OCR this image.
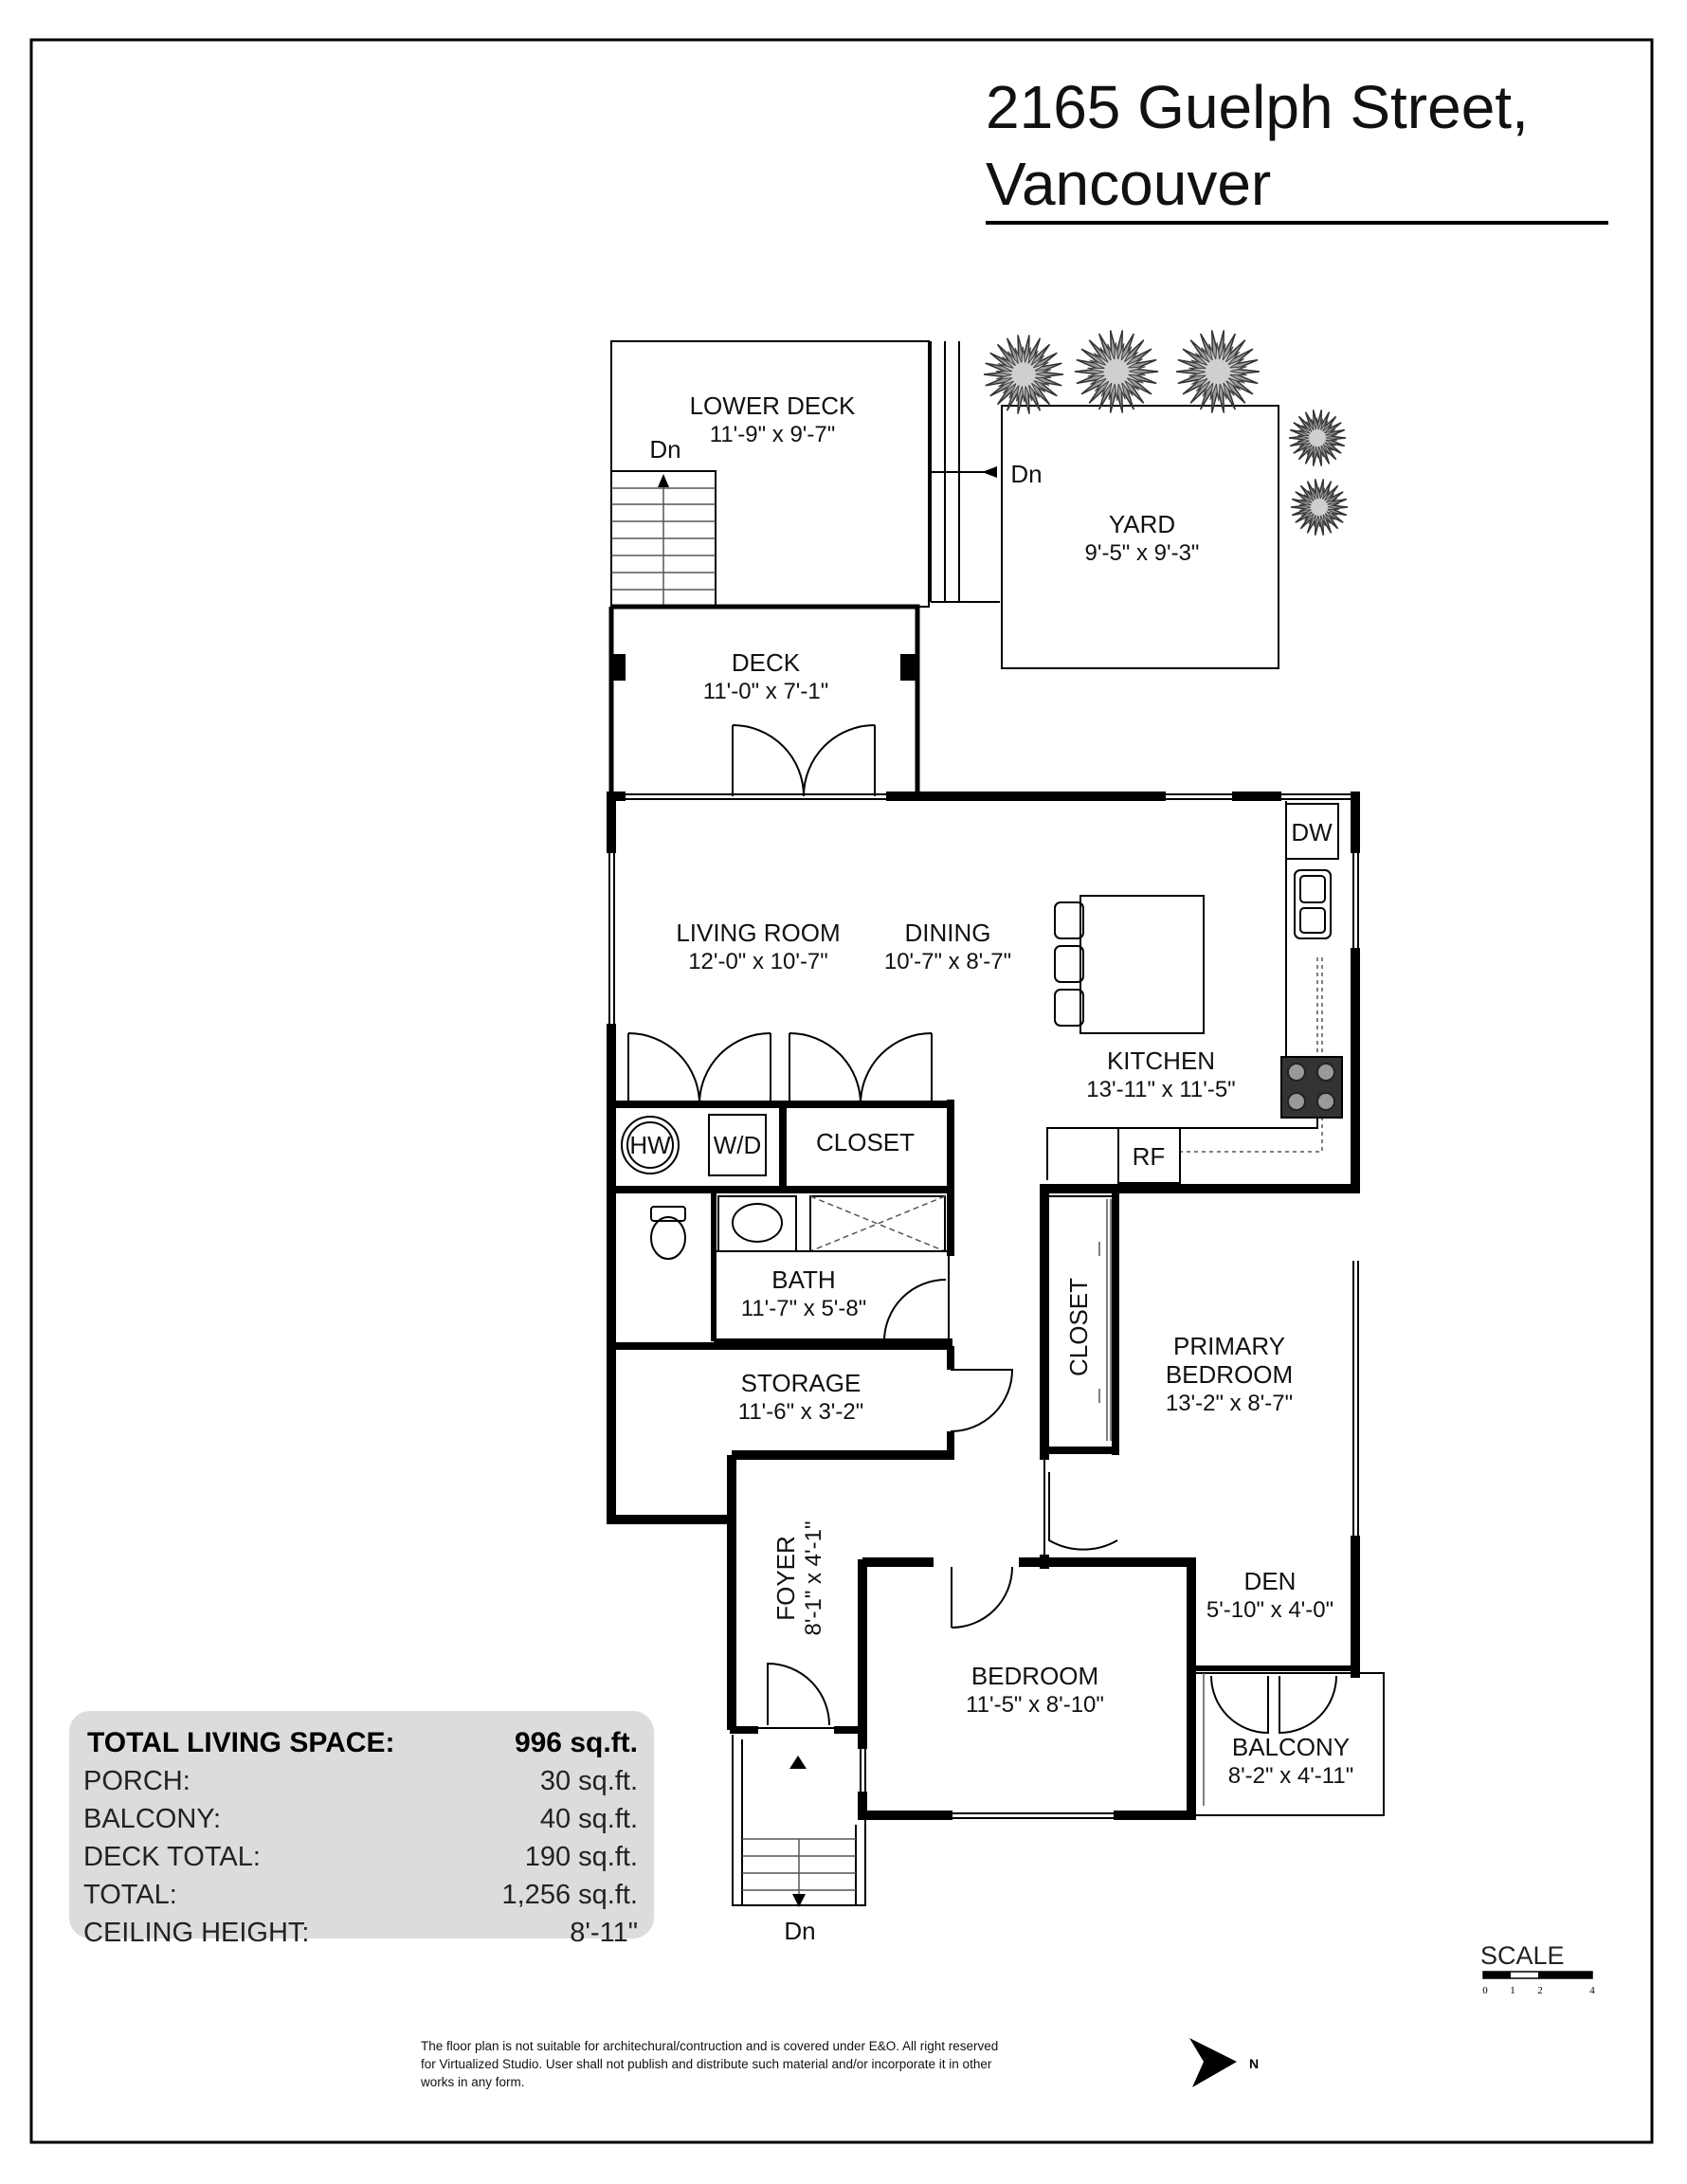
2165 Guelph Street,
Vancouver
LOWER DECK
11'-9" x 9'-7"
Dn
Dn
YARD
9'-5" x 9'-3"
DECK
11'-0" x 7'-1"
LIVING ROOM
12'-0" x 10'-7"
DINING
10'-7" x 8'-7"
DW
RF
KITCHEN
13'-11" x 11'-5"
HW W/D CLOSET
BATH
11'-7" x 5'-8"
STORAGE
11'-6" x 3'-2"
CLOSET	PRIMARY
BEDROOM
13'-2" x 8'-7"
DEN
5'-10" x 4'-0"
BALCONY
8'-2" x 4'-11"
BEDROOM
11'-5" x 8'-10"
FOYER 8'-1" x 4'-1"
Dn
TOTAL LIVING SPACE:	996 sq.ft.
PORCH:	30 sq.ft.
BALCONY:	40 sq.ft.
DECK TOTAL:	190 sq.ft.
TOTAL:	1,256 sq.ft.
CEILING HEIGHT:	8'-11"
SCALE
0 1 2	4
N
The floor plan is not suitable for architechural/contruction and is covered under E&O. All right reserved
for Virtualized Studio. User shall not publish and distribute such material and/or incorporate it in other
works in any form.
